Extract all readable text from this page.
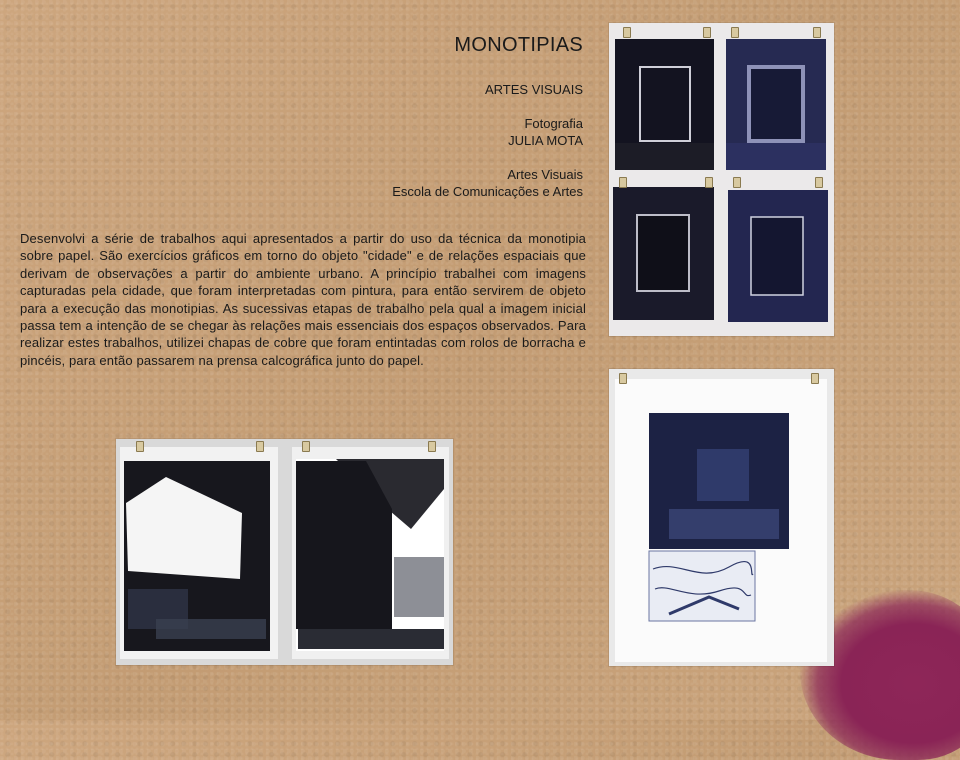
MONOTIPIAS
ARTES VISUAIS
Fotografia
JULIA MOTA
Artes Visuais
Escola de Comunicações e Artes
Desenvolvi a série de trabalhos aqui apresentados a partir do uso da técnica da monotipia sobre papel. São exercícios gráficos em torno do objeto "cidade" e de relações espaciais que derivam de observações a partir do ambiente urbano. A princípio trabalhei com imagens capturadas pela cidade, que foram interpretadas com pintura, para então servirem de objeto para a execução das monotipias. As sucessivas etapas de trabalho pela qual a imagem inicial passa tem a intenção de se chegar às relações mais essenciais dos espaços observados. Para realizar estes trabalhos, utilizei chapas de cobre que foram entintadas com rolos de borracha e pincéis, para então passarem na prensa calcográfica junto do papel.
